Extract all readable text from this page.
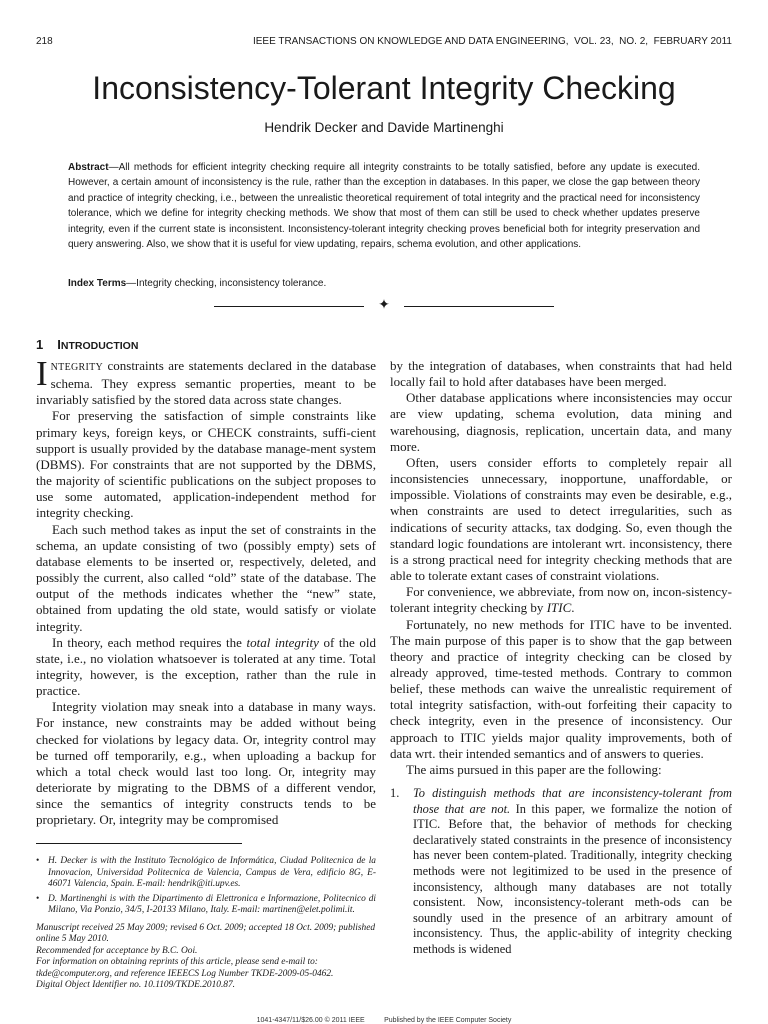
218	IEEE TRANSACTIONS ON KNOWLEDGE AND DATA ENGINEERING,  VOL. 23,  NO. 2,  FEBRUARY 2011
Inconsistency-Tolerant Integrity Checking
Hendrik Decker and Davide Martinenghi
Abstract—All methods for efficient integrity checking require all integrity constraints to be totally satisfied, before any update is executed. However, a certain amount of inconsistency is the rule, rather than the exception in databases. In this paper, we close the gap between theory and practice of integrity checking, i.e., between the unrealistic theoretical requirement of total integrity and the practical need for inconsistency tolerance, which we define for integrity checking methods. We show that most of them can still be used to check whether updates preserve integrity, even if the current state is inconsistent. Inconsistency-tolerant integrity checking proves beneficial both for integrity preservation and query answering. Also, we show that it is useful for view updating, repairs, schema evolution, and other applications.
Index Terms—Integrity checking, inconsistency tolerance.
✦
1 INTRODUCTION

INTEGRITY constraints are statements declared in the database schema. They express semantic properties, meant to be invariably satisfied by the stored data across state changes.

For preserving the satisfaction of simple constraints like primary keys, foreign keys, or CHECK constraints, suffi-cient support is usually provided by the database manage-ment system (DBMS). For constraints that are not supported by the DBMS, the majority of scientific publications on the subject proposes to use some automated, application-independent method for integrity checking.

Each such method takes as input the set of constraints in the schema, an update consisting of two (possibly empty) sets of database elements to be inserted or, respectively, deleted, and possibly the current, also called “old” state of the database. The output of the methods indicates whether the “new” state, obtained from updating the old state, would satisfy or violate integrity.

In theory, each method requires the total integrity of the old state, i.e., no violation whatsoever is tolerated at any time. Total integrity, however, is the exception, rather than the rule in practice.

Integrity violation may sneak into a database in many ways. For instance, new constraints may be added without being checked for violations by legacy data. Or, integrity control may be turned off temporarily, e.g., when uploading a backup for which a total check would last too long. Or, integrity may deteriorate by migrating to the DBMS of a different vendor, since the semantics of integrity constructs tends to be proprietary. Or, integrity may be compromised

by the integration of databases, when constraints that had held locally fail to hold after databases have been merged.

Other database applications where inconsistencies may occur are view updating, schema evolution, data mining and warehousing, diagnosis, replication, uncertain data, and many more.

Often, users consider efforts to completely repair all inconsistencies unnecessary, inopportune, unaffordable, or impossible. Violations of constraints may even be desirable, e.g., when constraints are used to detect irregularities, such as indications of security attacks, tax dodging. So, even though the standard logic foundations are intolerant wrt. inconsistency, there is a strong practical need for integrity checking methods that are able to tolerate extant cases of constraint violations.

For convenience, we abbreviate, from now on, incon-sistency-tolerant integrity checking by ITIC.

Fortunately, no new methods for ITIC have to be invented. The main purpose of this paper is to show that the gap between theory and practice of integrity checking can be closed by already approved, time-tested methods. Contrary to common belief, these methods can waive the unrealistic requirement of total integrity satisfaction, with-out forfeiting their capacity to check integrity, even in the presence of inconsistency. Our approach to ITIC yields major quality improvements, both of data wrt. their intended semantics and of answers to queries.

The aims pursued in this paper are the following:

1. To distinguish methods that are inconsistency-tolerant from those that are not. In this paper, we formalize the notion of ITIC. Before that, the behavior of methods for checking declaratively stated constraints in the presence of inconsistency has never been contem-plated. Traditionally, integrity checking methods were not legitimized to be used in the presence of inconsistency, although many databases are not totally consistent. Now, inconsistency-tolerant meth-ods can be soundly used in the presence of an arbitrary amount of inconsistency. Thus, the applic-ability of integrity checking methods is widened

• H. Decker is with the Instituto Tecnológico de Informática, Ciudad Politecnica de la Innovacion, Universidad Politecnica de Valencia, Campus de Vera, edificio 8G, E-46071 Valencia, Spain. E-mail: hendrik@iti.upv.es.

• D. Martinenghi is with the Dipartimento di Elettronica e Informazione, Politecnico di Milano, Via Ponzio, 34/5, I-20133 Milano, Italy. E-mail: martinen@elet.polimi.it.

Manuscript received 25 May 2009; revised 6 Oct. 2009; accepted 18 Oct. 2009; published online 5 May 2010.

Recommended for acceptance by B.C. Ooi.

For information on obtaining reprints of this article, please send e-mail to: tkde@computer.org, and reference IEEECS Log Number TKDE-2009-05-0462.

Digital Object Identifier no. 10.1109/TKDE.2010.87.

1041-4347/11/$26.00 © 2011 IEEE          Published by the IEEE Computer Society
